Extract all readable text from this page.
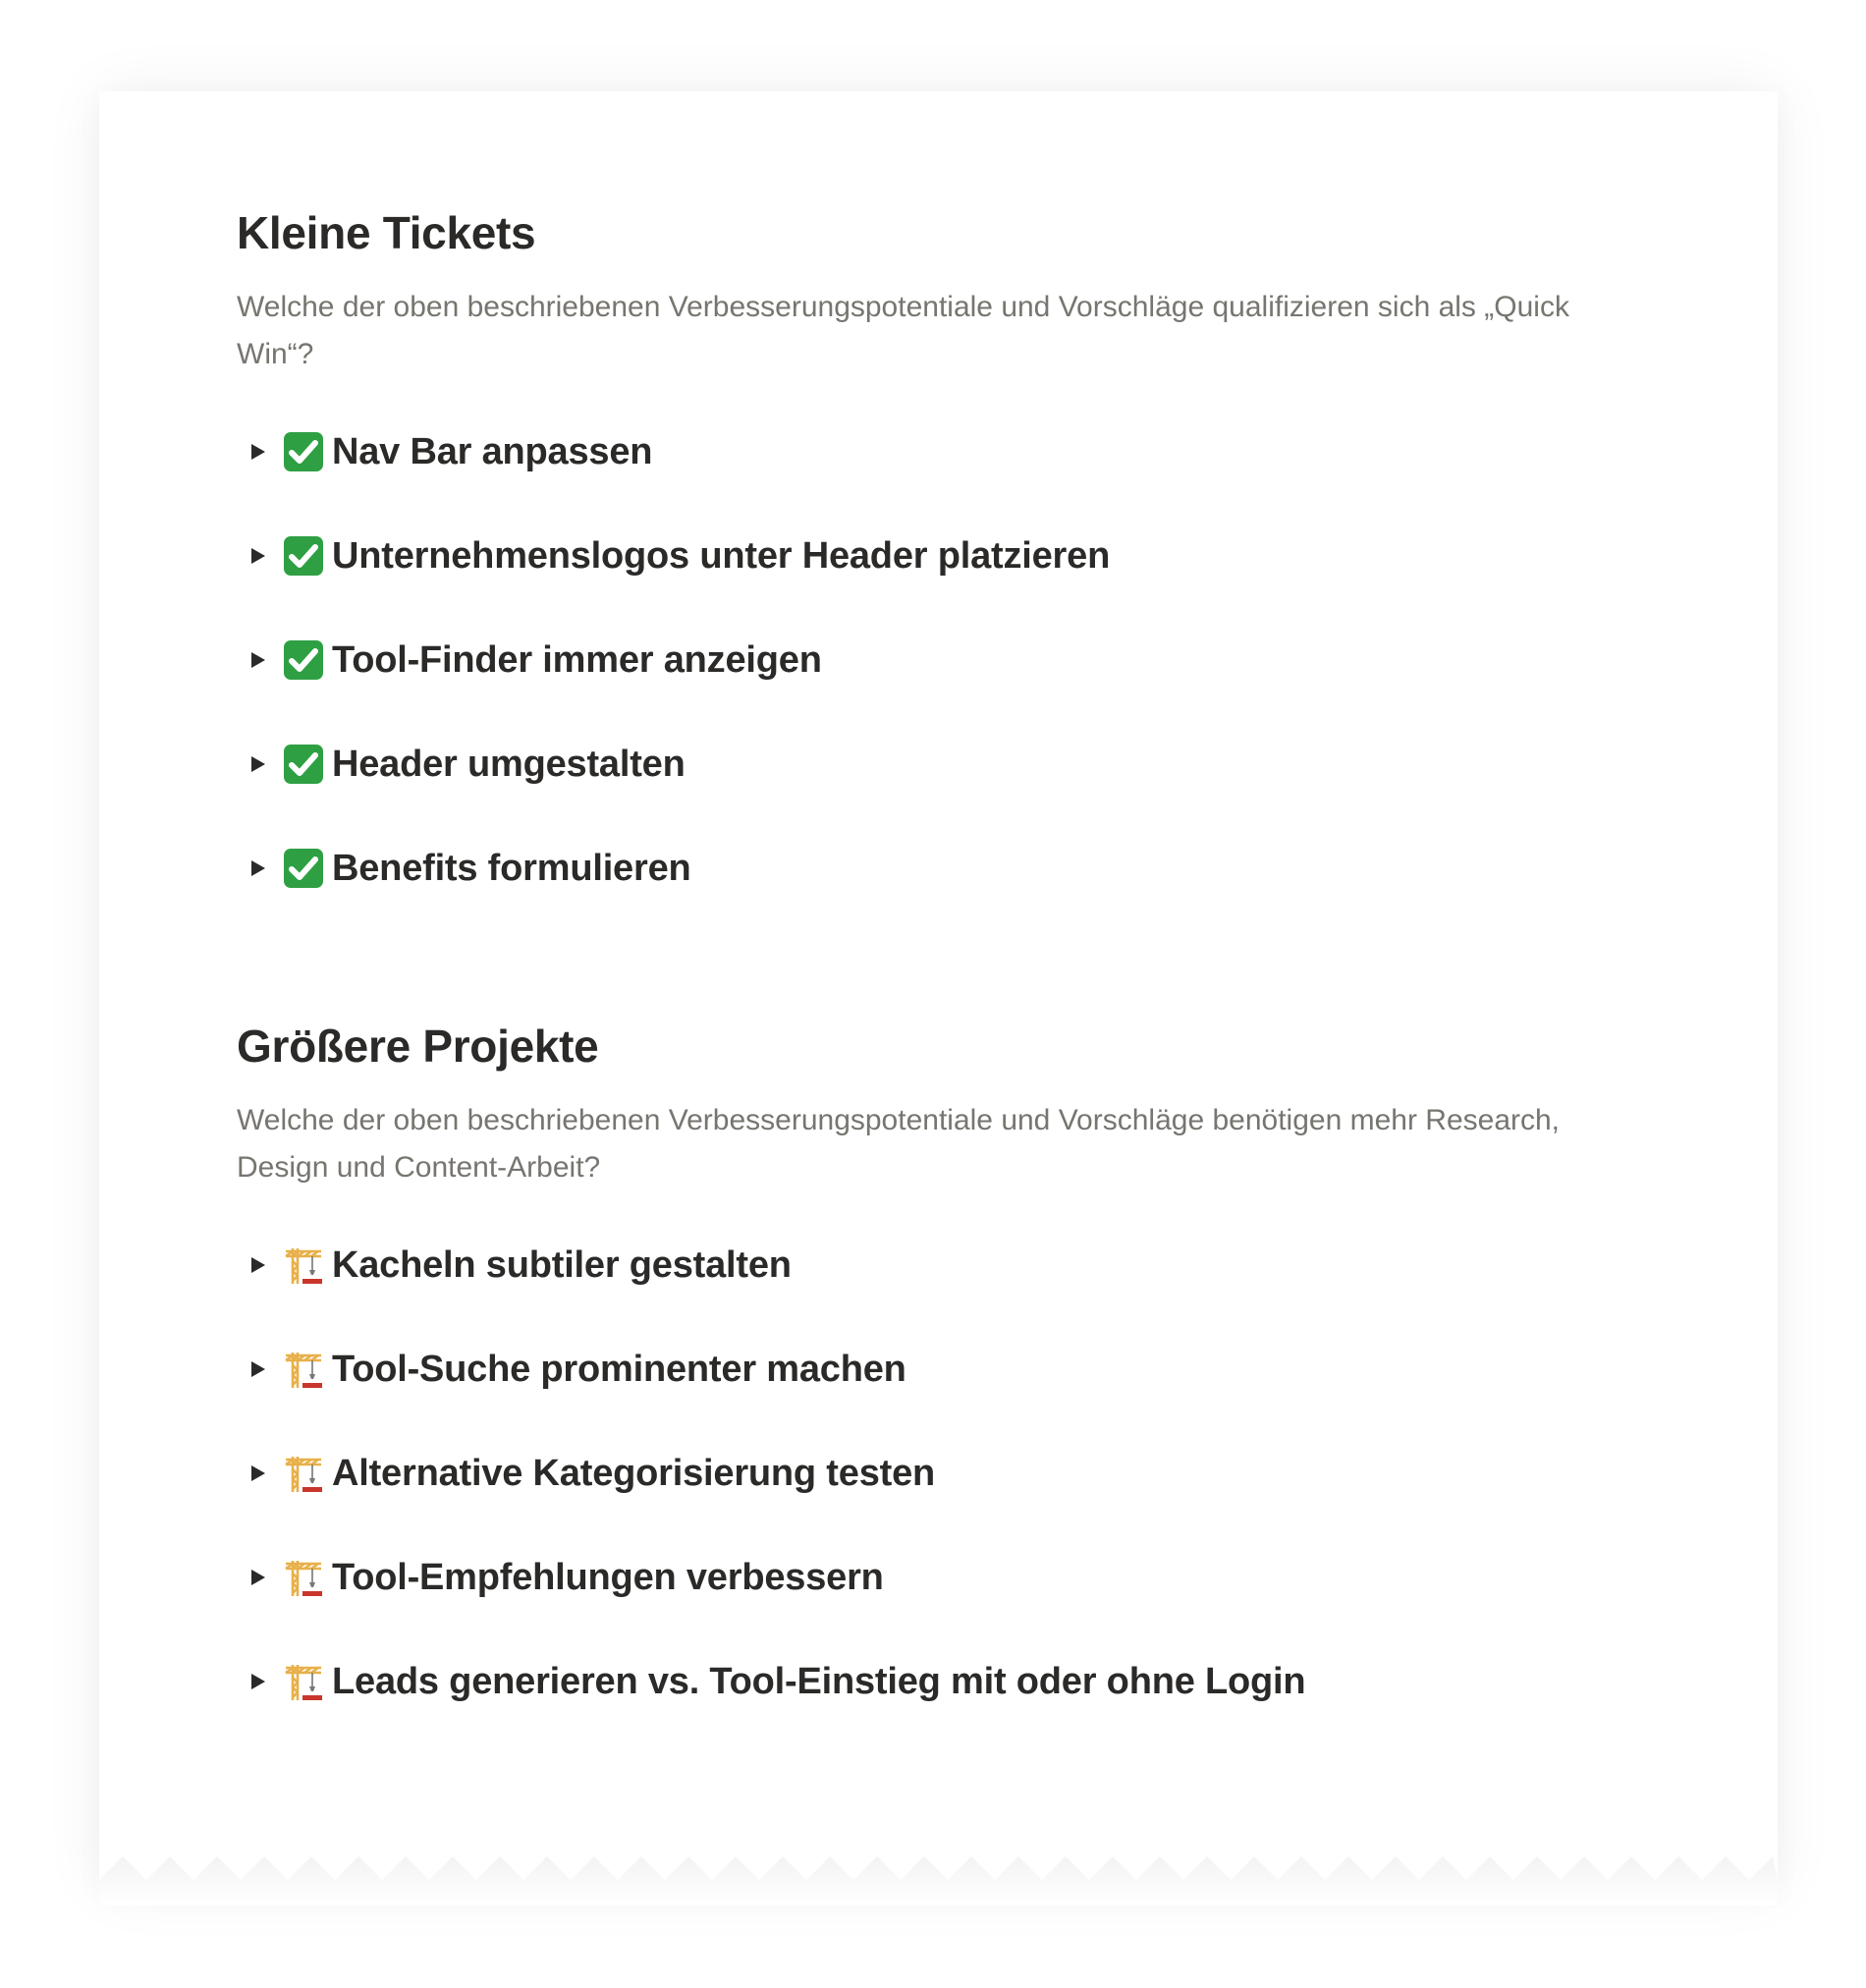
Kleine Tickets

Welche der oben beschriebenen Verbesserungspotentiale und Vorschläge qualifizieren sich als „Quick Win“?

Nav Bar anpassen
Unternehmenslogos unter Header platzieren
Tool-Finder immer anzeigen
Header umgestalten
Benefits formulieren
Größere Projekte

Welche der oben beschriebenen Verbesserungspotentiale und Vorschläge benötigen mehr Research, Design und Content-Arbeit?

Kacheln subtiler gestalten
Tool-Suche prominenter machen
Alternative Kategorisierung testen
Tool-Empfehlungen verbessern
Leads generieren vs. Tool-Einstieg mit oder ohne Login
